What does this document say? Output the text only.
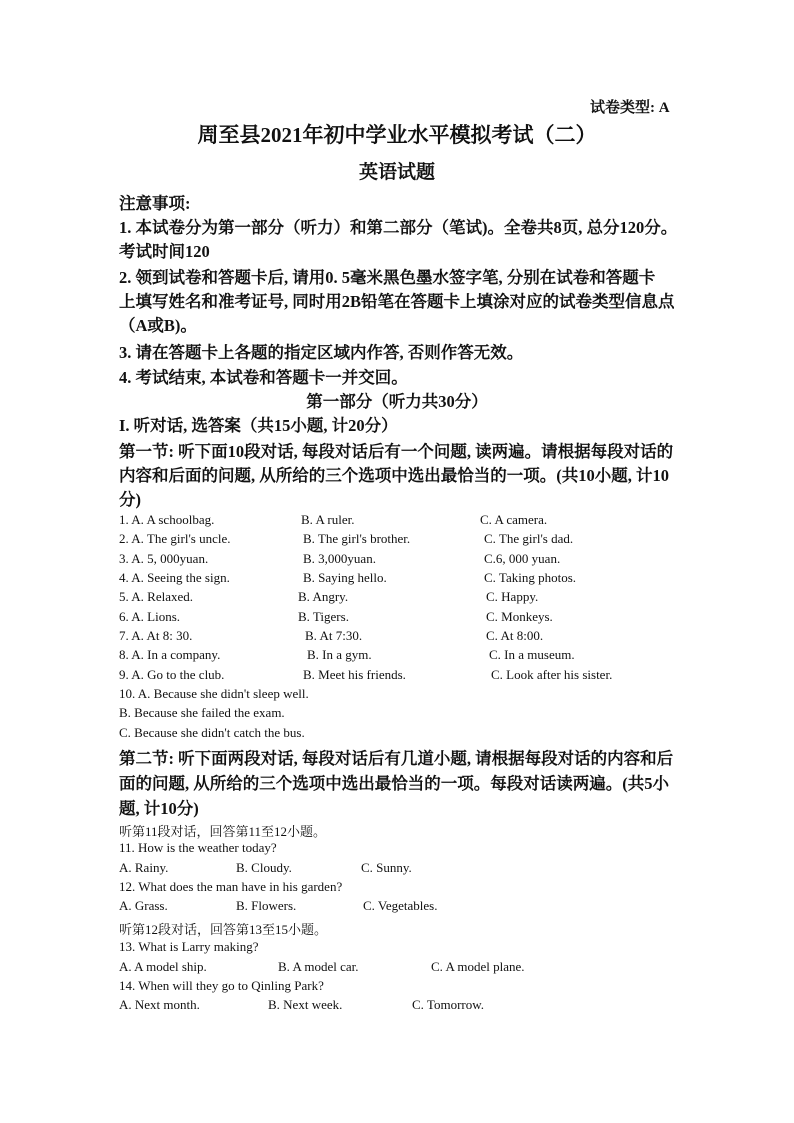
试卷类型: A
周至县2021年初中学业水平模拟考试（二）
英语试题
注意事项:
1. 本试卷分为第一部分（听力）和第二部分（笔试)。全卷共8页, 总分120分。
考试时间120
2. 领到试卷和答题卡后, 请用0. 5毫米黑色墨水签字笔, 分别在试卷和答题卡
上填写姓名和准考证号, 同时用2B铅笔在答题卡上填涂对应的试卷类型信息点
（A或B)。
3. 请在答题卡上各题的指定区域内作答, 否则作答无效。
4. 考试结束, 本试卷和答题卡一并交回。
第一部分（听力共30分）
I. 听对话, 选答案（共15小题, 计20分）
第一节: 听下面10段对话, 每段对话后有一个问题, 读两遍。请根据每段对话的
内容和后面的问题, 从所给的三个选项中选出最恰当的一项。(共10小题, 计10
分)
1. A. A schoolbag.	B. A ruler.	C. A camera.
2. A. The girl's uncle.	B. The girl's brother.	C. The girl's dad.
3. A. 5, 000yuan.	B. 3,000yuan.	C.6, 000 yuan.
4. A. Seeing the sign.	B. Saying hello.	C. Taking photos.
5. A. Relaxed.	B. Angry.	C. Happy.
6. A. Lions.	B. Tigers.	C. Monkeys.
7. A. At 8: 30.	B. At 7:30.	C. At 8:00.
8. A. In a company.	B. In a gym.	C. In a museum.
9. A. Go to the club.	B. Meet his friends.	C. Look after his sister.
10. A. Because she didn't sleep well.
B. Because she failed the exam.
C. Because she didn't catch the bus.
第二节: 听下面两段对话, 每段对话后有几道小题, 请根据每段对话的内容和后
面的问题, 从所给的三个选项中选出最恰当的一项。每段对话读两遍。(共5小
题, 计10分)
听第11段对话，回答第11至12小题。
11. How is the weather today?
A. Rainy.	B. Cloudy.	C. Sunny.
12. What does the man have in his garden?
A. Grass.	B. Flowers.	C. Vegetables.
听第12段对话，回答第13至15小题。
13. What is Larry making?
A. A model ship.	B. A model car.	C. A model plane.
14. When will they go to Qinling Park?
A. Next month.	B. Next week.	C. Tomorrow.
